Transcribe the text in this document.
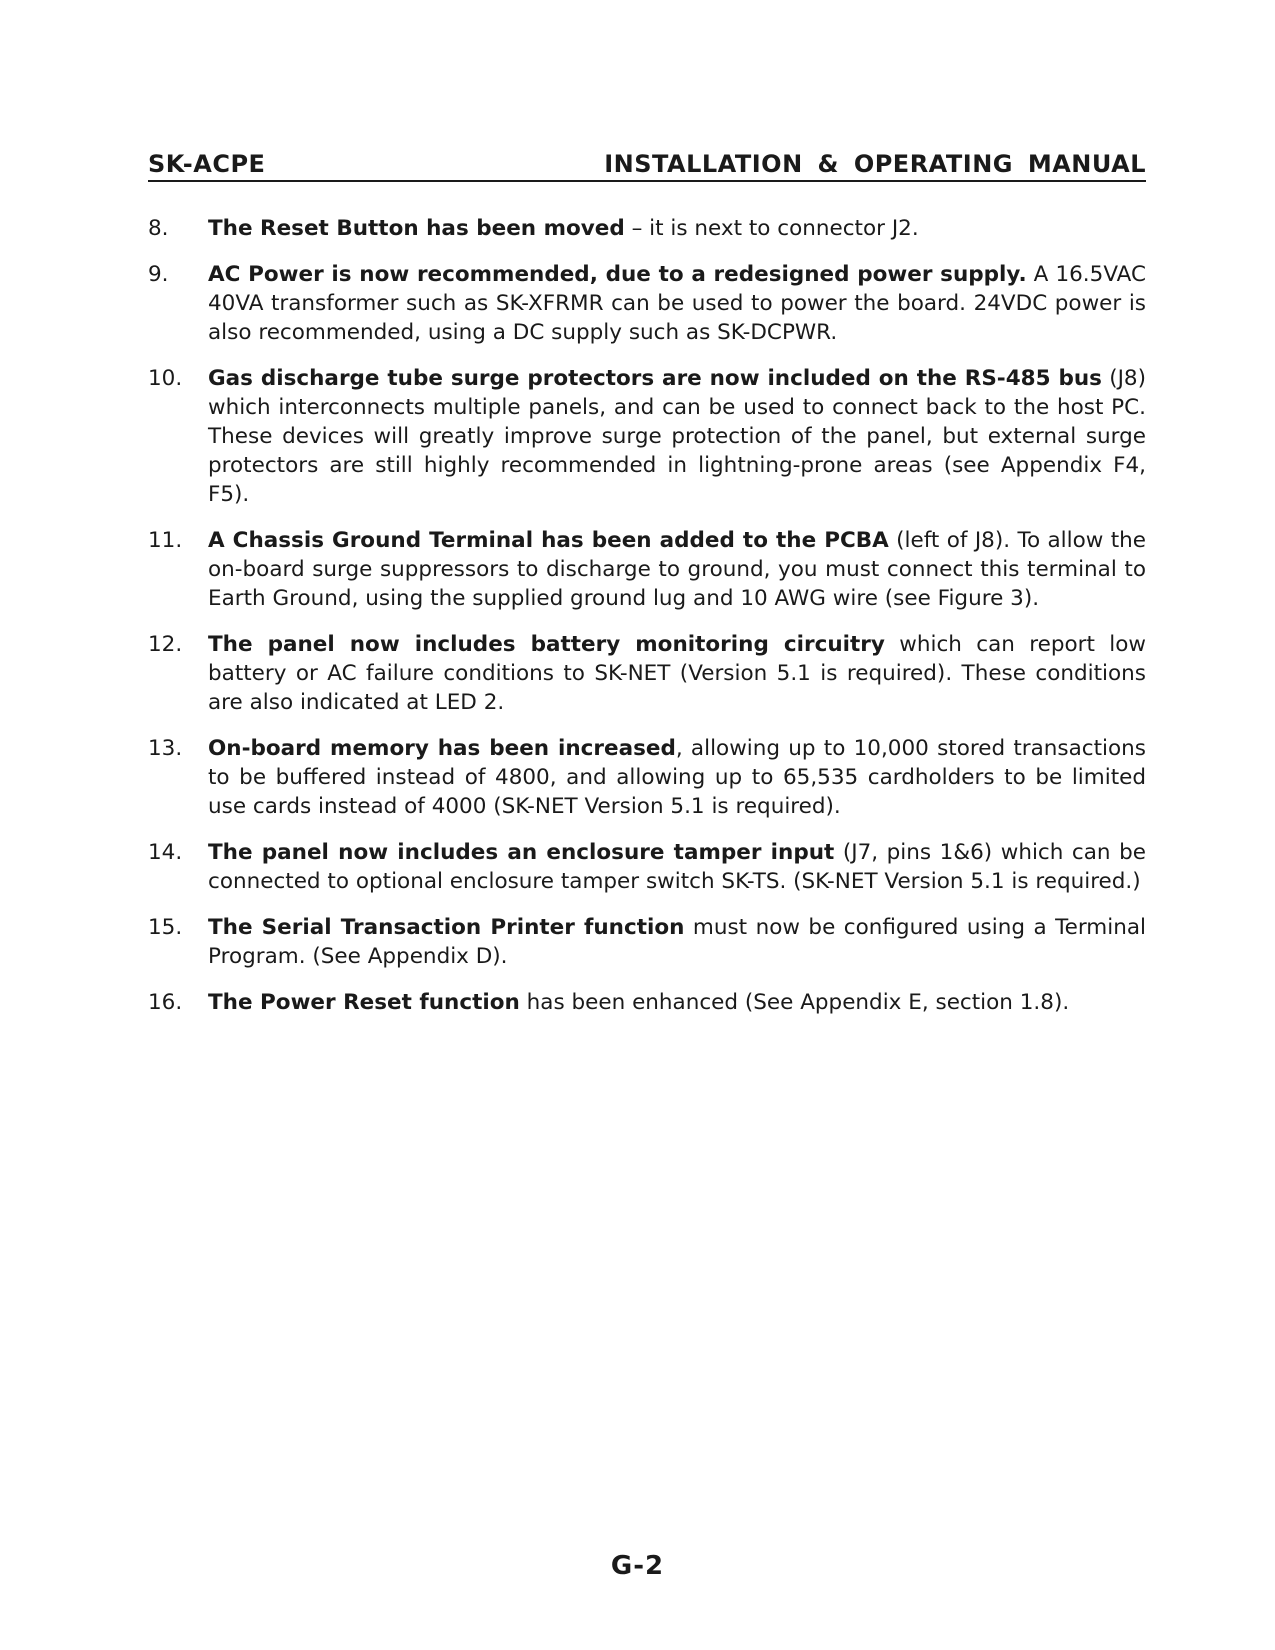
SK-ACPE	INSTALLATION & OPERATING MANUAL
8.	The Reset Button has been moved – it is next to connector J2.
9.	AC Power is now recommended, due to a redesigned power supply. A 16.5VAC 40VA transformer such as SK-XFRMR can be used to power the board. 24VDC power is also recommended, using a DC supply such as SK-DCPWR.
10.	Gas discharge tube surge protectors are now included on the RS-485 bus (J8) which interconnects multiple panels, and can be used to connect back to the host PC. These devices will greatly improve surge protection of the panel, but external surge protectors are still highly recommended in lightning-prone areas (see Appendix F4, F5).
11.	A Chassis Ground Terminal has been added to the PCBA (left of J8). To allow the on-board surge suppressors to discharge to ground, you must connect this terminal to Earth Ground, using the supplied ground lug and 10 AWG wire (see Figure 3).
12.	The panel now includes battery monitoring circuitry which can report low battery or AC failure conditions to SK-NET (Version 5.1 is required). These conditions are also indicated at LED 2.
13.	On-board memory has been increased, allowing up to 10,000 stored transactions to be buffered instead of 4800, and allowing up to 65,535 cardholders to be limited use cards instead of 4000 (SK-NET Version 5.1 is required).
14.	The panel now includes an enclosure tamper input (J7, pins 1&6) which can be connected to optional enclosure tamper switch SK-TS. (SK-NET Version 5.1 is required.)
15.	The Serial Transaction Printer function must now be configured using a Terminal Program. (See Appendix D).
16.	The Power Reset function has been enhanced (See Appendix E, section 1.8).
G-2
